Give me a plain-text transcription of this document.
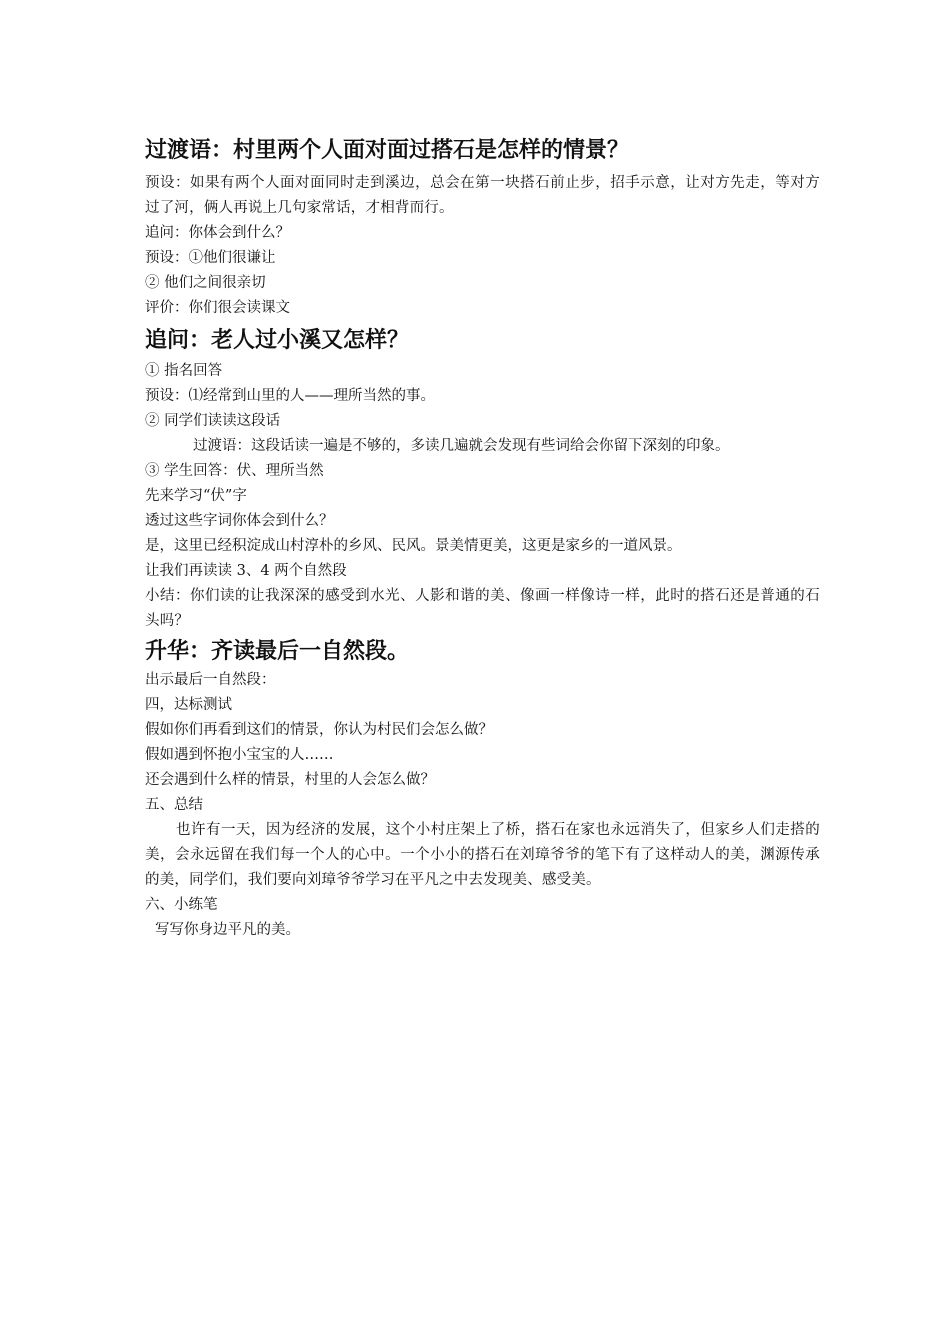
过渡语：村里两个人面对面过搭石是怎样的情景？
预设：如果有两个人面对面同时走到溪边，总会在第一块搭石前止步，招手示意，让对方先走，等对方过了河，俩人再说上几句家常话，才相背而行。
追问：你体会到什么？
预设：①他们很谦让
② 他们之间很亲切
评价：你们很会读课文
追问：老人过小溪又怎样？
① 指名回答
预设：⑴经常到山里的人——理所当然的事。
② 同学们读读这段话
过渡语：这段话读一遍是不够的，多读几遍就会发现有些词给会你留下深刻的印象。
③ 学生回答：伏、理所当然
先来学习“伏”字
透过这些字词你体会到什么？
是，这里已经积淀成山村淳朴的乡风、民风。景美情更美，这更是家乡的一道风景。
让我们再读读 3、4 两个自然段
小结：你们读的让我深深的感受到水光、人影和谐的美、像画一样像诗一样，此时的搭石还是普通的石头吗？
升华：齐读最后一自然段。
出示最后一自然段：
四，达标测试
假如你们再看到这们的情景，你认为村民们会怎么做？
假如遇到怀抱小宝宝的人……
还会遇到什么样的情景，村里的人会怎么做？
五、总结
也许有一天，因为经济的发展，这个小村庄架上了桥，搭石在家也永远消失了，但家乡人们走搭的美，会永远留在我们每一个人的心中。一个小小的搭石在刘璋爷爷的笔下有了这样动人的美，渊源传承的美，同学们，我们要向刘璋爷爷学习在平凡之中去发现美、感受美。
六、小练笔
写写你身边平凡的美。
